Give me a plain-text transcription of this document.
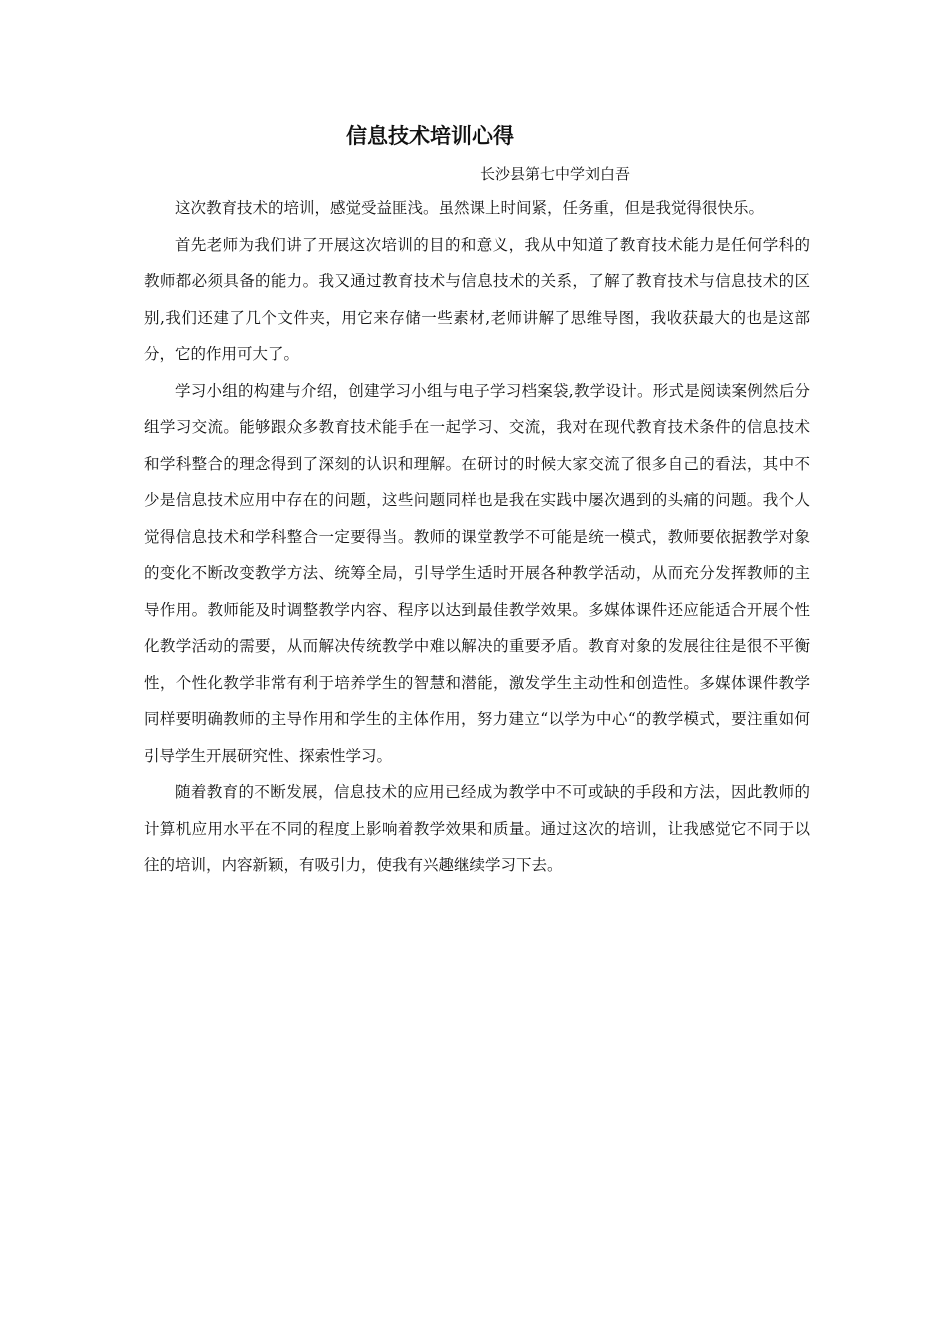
信息技术培训心得
长沙县第七中学刘白吾

这次教育技术的培训，感觉受益匪浅。虽然课上时间紧，任务重，但是我觉得很快乐。

首先老师为我们讲了开展这次培训的目的和意义，我从中知道了教育技术能力是任何学科的教师都必须具备的能力。我又通过教育技术与信息技术的关系，了解了教育技术与信息技术的区别,我们还建了几个文件夹，用它来存储一些素材,老师讲解了思维导图，我收获最大的也是这部分，它的作用可大了。

学习小组的构建与介绍，创建学习小组与电子学习档案袋,教学设计。形式是阅读案例然后分组学习交流。能够跟众多教育技术能手在一起学习、交流，我对在现代教育技术条件的信息技术和学科整合的理念得到了深刻的认识和理解。在研讨的时候大家交流了很多自己的看法，其中不少是信息技术应用中存在的问题，这些问题同样也是我在实践中屡次遇到的头痛的问题。我个人觉得信息技术和学科整合一定要得当。教师的课堂教学不可能是统一模式，教师要依据教学对象的变化不断改变教学方法、统筹全局，引导学生适时开展各种教学活动，从而充分发挥教师的主导作用。教师能及时调整教学内容、程序以达到最佳教学效果。多媒体课件还应能适合开展个性化教学活动的需要，从而解决传统教学中难以解决的重要矛盾。教育对象的发展往往是很不平衡性，个性化教学非常有利于培养学生的智慧和潜能，激发学生主动性和创造性。多媒体课件教学同样要明确教师的主导作用和学生的主体作用，努力建立“以学为中心“的教学模式，要注重如何引导学生开展研究性、探索性学习。

随着教育的不断发展，信息技术的应用已经成为教学中不可或缺的手段和方法，因此教师的计算机应用水平在不同的程度上影响着教学效果和质量。通过这次的培训，让我感觉它不同于以往的培训，内容新颖，有吸引力，使我有兴趣继续学习下去。
